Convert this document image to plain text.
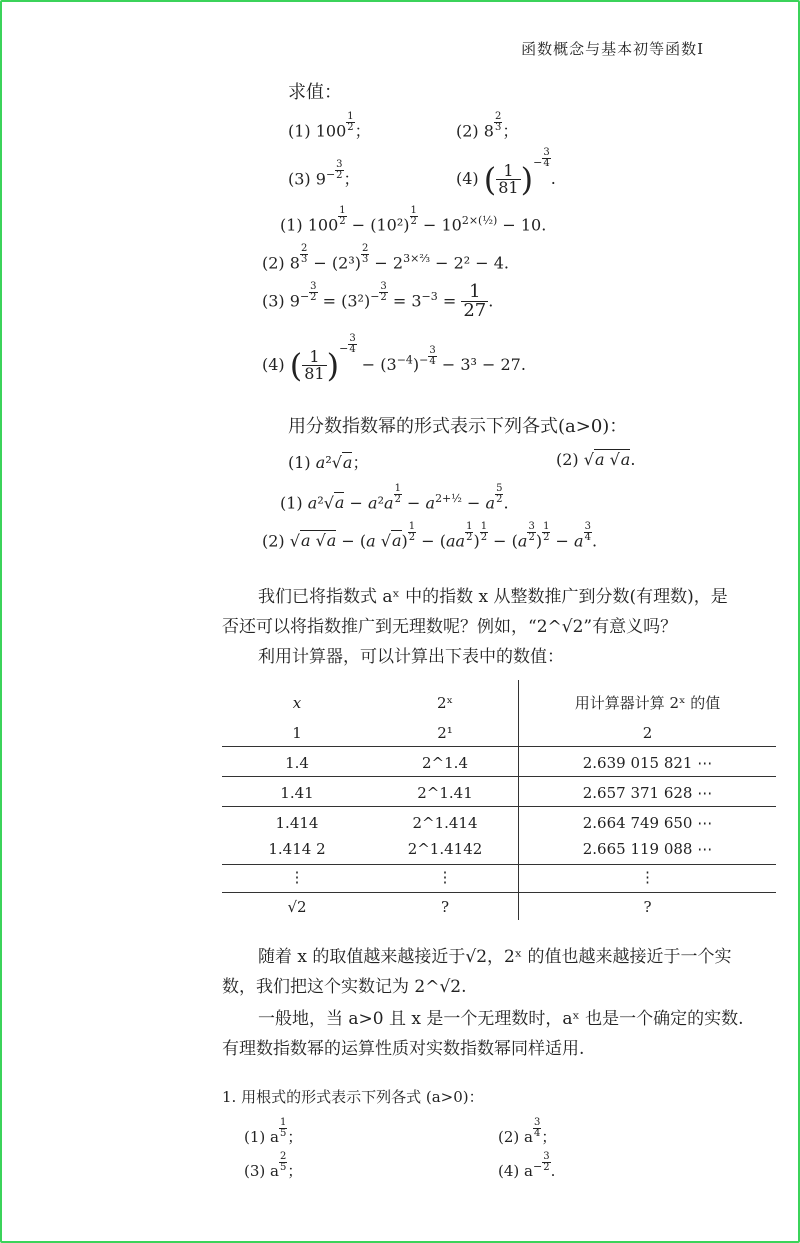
函数概念与基本初等函数Ⅰ
求值：
(1) $100 \frac{1}{2}$ ；	(2) $8 \frac{2}{3}$ ；
(3) $9^- \frac{3}{2}$ ；	(4) ( $\frac{1}{81} )^- \frac{3}{4}$
.
(1) $100 \frac{1}{2} - (10^2) \frac{1}{2} - 10^{2\times(\frac{1}{2})} - 10$.
(2) $8 \frac{2}{3} - (2^3) \frac{2}{3} - 2^{3\times\frac{2}{3}} - 2^2 - 4$.
(3) $9^- \frac{3}{2} = (3^2)^- \frac{3}{2} = 3^{-3} = \frac{1}{27}$ .
(4) ( $\frac{1}{81} )^- \frac{3}{4}$
− $(3^{-4})^- \frac{3}{4} - 3^3 - 27$.
用分数指数幂的形式表示下列各式(a>0)：
(1) a²√a；	(2) √a √a.
(1) $a^2√a - a^2a \frac{1}{2} - a^{2+\frac{1}{2}} - a \frac{5}{2}$ .
(2) √a √a − (a $√a) \frac{1}{2} - (aa \frac{1}{2}$ ) $\frac{1}{2} - (a \frac{3}{2}$ ) $\frac{1}{2} - a \frac{3}{4}$ .
我们已将指数式 aˣ 中的指数 x 从整数推广到分数(有理数)，是
否还可以将指数推广到无理数呢？例如，“2^√2”有意义吗？
利用计算器，可以计算出下表中的数值：
x	2ˣ	用计算器计算 2ˣ 的值
1	2¹	2
1.4	2^1.4	2.639 015 821 ⋯
1.41	2^1.41	2.657 371 628 ⋯
1.414	2^1.414	2.664 749 650 ⋯
1.414 2	2^1.4142	2.665 119 088 ⋯
⋮	⋮	⋮
√2	?	?
随着 x 的取值越来越接近于√2，2ˣ 的值也越来越接近于一个实
数，我们把这个实数记为 2^√2.
一般地，当 a>0 且 x 是一个无理数时，aˣ 也是一个确定的实数.
有理数指数幂的运算性质对实数指数幂同样适用.
1. 用根式的形式表示下列各式 (a>0)：
(1) a $\frac{1}{5}$ ；	(2) a $\frac{3}{4}$ ；
(3) a $\frac{2}{5}$ ；	(4) $a^- \frac{3}{2}$ .
